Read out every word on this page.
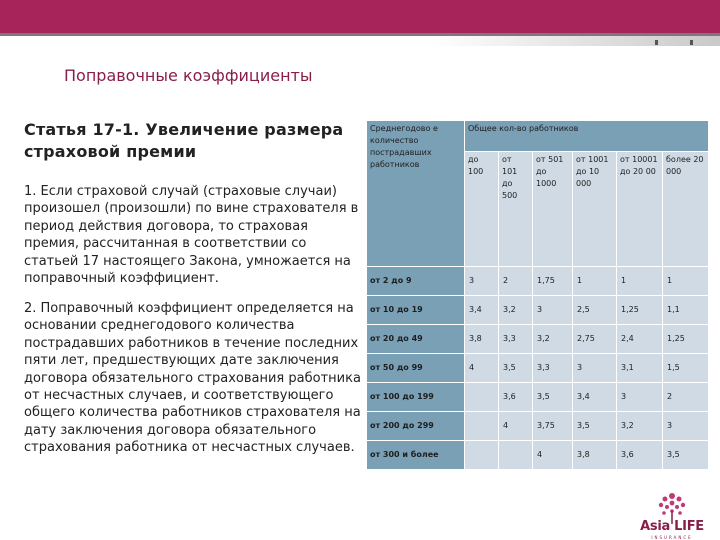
Поправочные коэффициенты
Статья 17-1. Увеличение размера страховой премии

1. Если страховой случай (страховые случаи) произошел (произошли) по вине страхователя в период действия договора, то страховая премия, рассчитанная в соответствии со статьей 17 настоящего Закона, умножается на поправочный коэффициент.

2. Поправочный коэффициент определяется на основании среднегодового количества пострадавших работников в течение последних пяти лет, предшествующих дате заключения договора обязательного страхования работника от несчастных случаев, и соответствующего общего количества работников страхователя на дату заключения договора обязательного страхования работника от несчастных случаев.

Среднегодово е количество пострадавших работников	Общее кол-во работников					
	до 100	от 101 до 500	от 501 до 1000	от 1001 до 10 000	от 10001 до 20 00	более 20 000
от 2 до 9	3	2	1,75	1	1	1
от 10 до 19	3,4	3,2	3	2,5	1,25	1,1
от 20 до 49	3,8	3,3	3,2	2,75	2,4	1,25
от 50 до 99	4	3,5	3,3	3	3,1	1,5
от 100 до 199		3,6	3,5	3,4	3	2
от 200 до 299		4	3,75	3,5	3,2	3
от 300 и более			4	3,8	3,6	3,5
Asia LIFE
INSURANCE
